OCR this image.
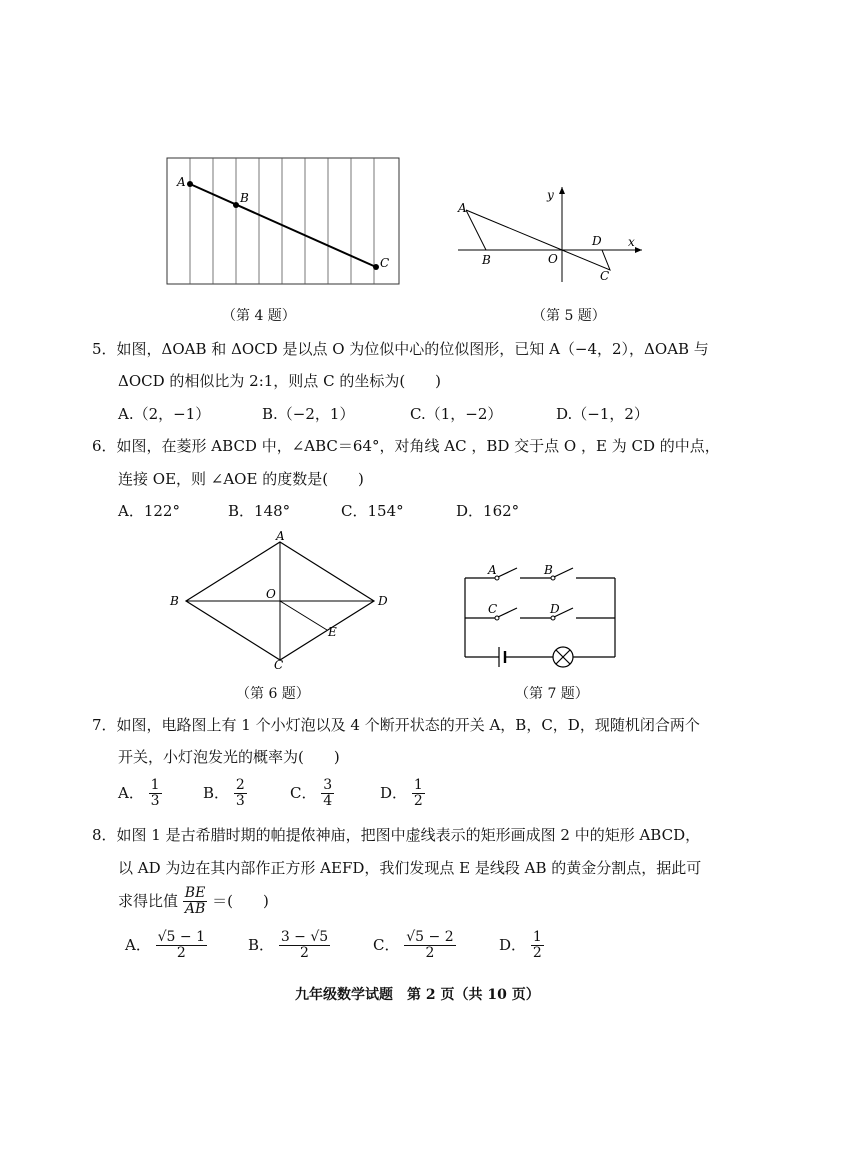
A
B
C
（第 4 题）
A
B	O
D
C
x
y
（第 5 题）
5．如图，ΔOAB 和 ΔOCD 是以点 O 为位似中心的位似图形，已知 A（−4，2），ΔOAB 与
ΔOCD 的相似比为 2:1，则点 C 的坐标为(　　)
A.（2，−1）	B.（−2，1）	C.（1，−2）	D.（−1，2）
6．如图，在菱形 ABCD 中，∠ABC＝64°，对角线 AC ，BD 交于点 O ，E 为 CD 的中点，
连接 OE，则 ∠AOE 的度数是(　　)
A．122°	B．148°	C．154°	D．162°
A
B	O	D
E
C
（第 6 题）
A	B
C	D
（第 7 题）
7．如图，电路图上有 1 个小灯泡以及 4 个断开状态的开关 A，B，C，D，现随机闭合两个
开关，小灯泡发光的概率为(　　)
A． $\frac{1}{3}$	B． $\frac{2}{3}$	C． $\frac{3}{4}$	D． $\frac{1}{2}$
8．如图 1 是古希腊时期的帕提侬神庙，把图中虚线表示的矩形画成图 2 中的矩形 ABCD，
以 AD 为边在其内部作正方形 AEFD，我们发现点 E 是线段 AB 的黄金分割点，据此可
求得比值 $\frac{BE}{AB}$ ＝(　　)
A． $\frac{√5 - 1}{2}$	B． $\frac{3 - √5}{2}$	C． $\frac{√5 - 2}{2}$	D． $\frac{1}{2}$
九年级数学试题　第 2 页（共 10 页）
